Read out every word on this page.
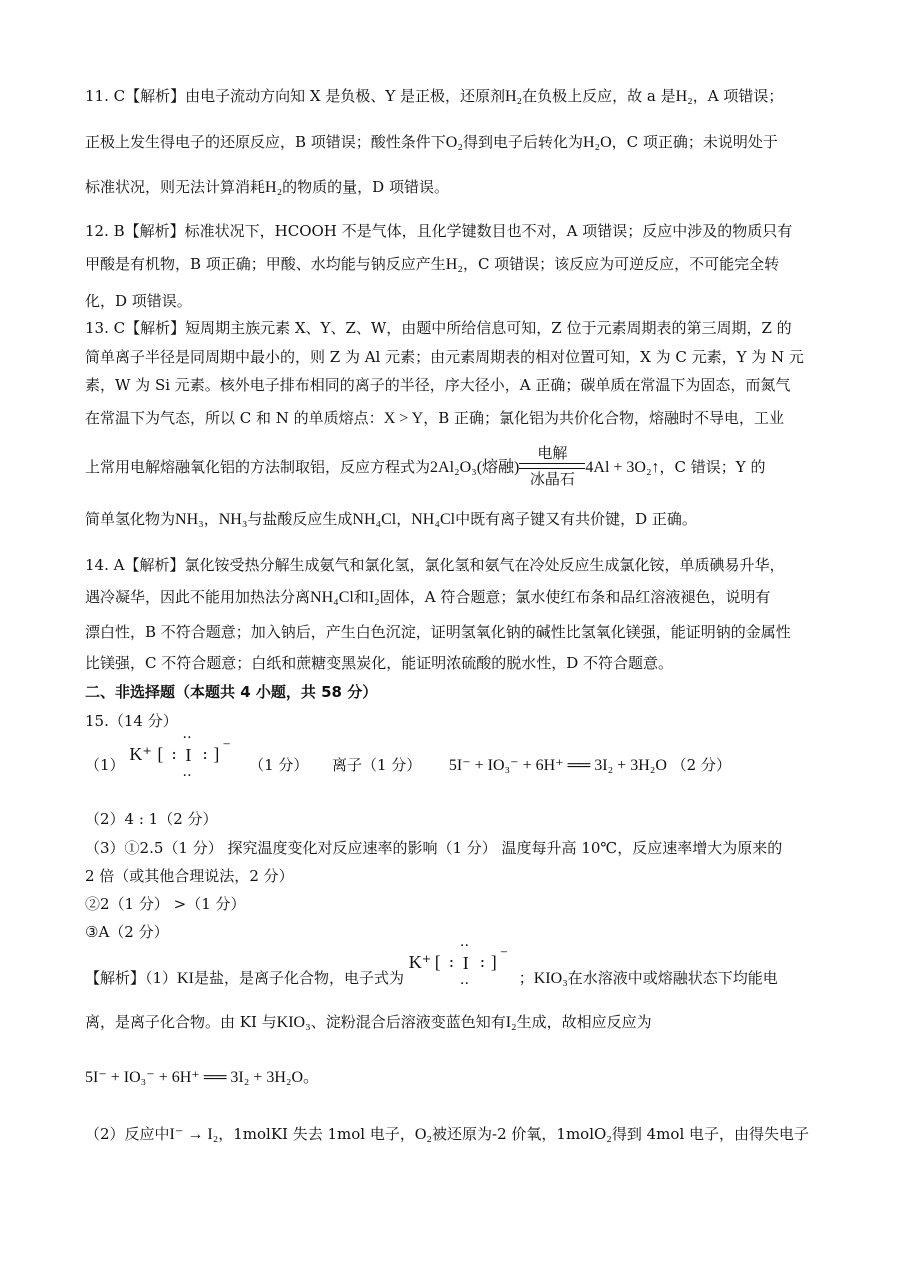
11. C【解析】由电子流动方向知 X 是负极、Y 是正极，还原剂H₂在负极上反应，故 a 是H₂，A 项错误；
正极上发生得电子的还原反应，B 项错误；酸性条件下O₂得到电子后转化为H₂O，C 项正确；未说明处于
标准状况，则无法计算消耗H₂的物质的量，D 项错误。
12. B【解析】标准状况下，HCOOH 不是气体，且化学键数目也不对，A 项错误；反应中涉及的物质只有
甲酸是有机物，B 项正确；甲酸、水均能与钠反应产生H₂，C 项错误；该反应为可逆反应，不可能完全转
化，D 项错误。
13. C【解析】短周期主族元素 X、Y、Z、W，由题中所给信息可知，Z 位于元素周期表的第三周期，Z 的
简单离子半径是同周期中最小的，则 Z 为 Al 元素；由元素周期表的相对位置可知，X 为 C 元素，Y 为 N 元
素，W 为 Si 元素。核外电子排布相同的离子的半径，序大径小，A 正确；碳单质在常温下为固态，而氮气
在常温下为气态，所以 C 和 N 的单质熔点：X > Y，B 正确；氯化铝为共价化合物，熔融时不导电，工业
上常用电解熔融氧化铝的方法制取铝，反应方程式为2Al₂O₃(熔融)
电解
冰晶石
4Al + 3O₂↑，C 错误；Y 的
简单氢化物为NH₃，NH₃与盐酸反应生成NH₄Cl，NH₄Cl中既有离子键又有共价键，D 正确。
14. A【解析】氯化铵受热分解生成氨气和氯化氢，氯化氢和氨气在冷处反应生成氯化铵，单质碘易升华，
遇冷凝华，因此不能用加热法分离NH₄Cl和I₂固体，A 符合题意；氯水使红布条和品红溶液褪色，说明有
漂白性，B 不符合题意；加入钠后，产生白色沉淀，证明氢氧化钠的碱性比氢氧化镁强，能证明钠的金属性
比镁强，C 不符合题意；白纸和蔗糖变黑炭化，能证明浓硫酸的脱水性，D 不符合题意。
二、非选择题（本题共 4 小题，共 58 分）
15.（14 分）
（1）
K⁺ [ :
‥
I
‥
: ] ⁻
（1 分） 离子（1 分） 5I⁻ + IO₃⁻ + 6H⁺ ══ 3I₂ + 3H₂O （2 分）
（2）4 : 1（2 分）
（3）①2.5（1 分） 探究温度变化对反应速率的影响（1 分） 温度每升高 10℃，反应速率增大为原来的
2 倍（或其他合理说法，2 分）
②2（1 分） >（1 分）
③A（2 分）
【解析】（1）KI是盐，是离子化合物，电子式为
K⁺ [ :
‥
I
‥
: ] ⁻
；KIO₃在水溶液中或熔融状态下均能电
离，是离子化合物。由 KI 与KIO₃、淀粉混合后溶液变蓝色知有I₂生成，故相应反应为
5I⁻ + IO₃⁻ + 6H⁺ ══ 3I₂ + 3H₂O。
（2）反应中I⁻ → I₂，1molKI 失去 1mol 电子，O₂被还原为-2 价氧，1molO₂得到 4mol 电子，由得失电子
